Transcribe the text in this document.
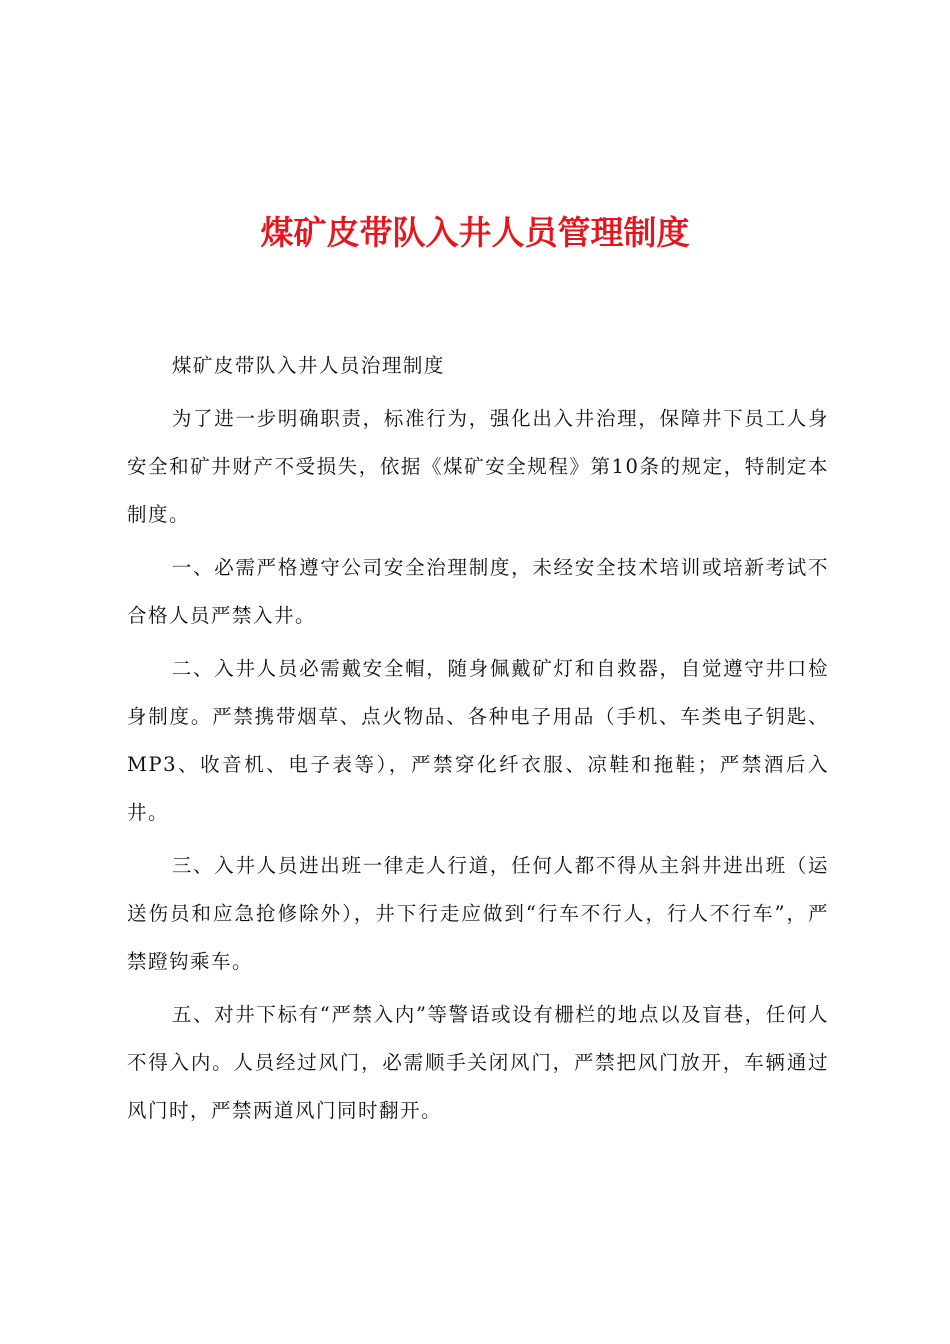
煤矿皮带队入井人员管理制度

煤矿皮带队入井人员治理制度

为了进一步明确职责，标准行为，强化出入井治理，保障井下员工人身安全和矿井财产不受损失，依据《煤矿安全规程》第10条的规定，特制定本制度。

一、必需严格遵守公司安全治理制度，未经安全技术培训或培新考试不合格人员严禁入井。

二、入井人员必需戴安全帽，随身佩戴矿灯和自救器，自觉遵守井口检身制度。严禁携带烟草、点火物品、各种电子用品（手机、车类电子钥匙、MP3、收音机、电子表等），严禁穿化纤衣服、凉鞋和拖鞋；严禁酒后入井。

三、入井人员进出班一律走人行道，任何人都不得从主斜井进出班（运送伤员和应急抢修除外），井下行走应做到“行车不行人，行人不行车”，严禁蹬钩乘车。

五、对井下标有“严禁入内”等警语或设有栅栏的地点以及盲巷，任何人不得入内。人员经过风门，必需顺手关闭风门，严禁把风门放开，车辆通过风门时，严禁两道风门同时翻开。
